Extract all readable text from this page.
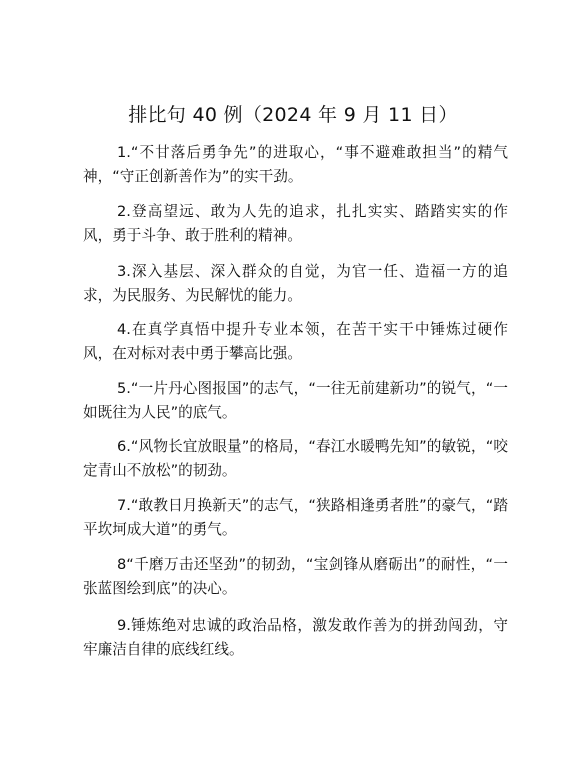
排比句 40 例（2024 年 9 月 11 日）
1.“不甘落后勇争先”的进取心，“事不避难敢担当”的精气神，“守正创新善作为”的实干劲。
2.登高望远、敢为人先的追求，扎扎实实、踏踏实实的作风，勇于斗争、敢于胜利的精神。
3.深入基层、深入群众的自觉，为官一任、造福一方的追求，为民服务、为民解忧的能力。
4.在真学真悟中提升专业本领，在苦干实干中锤炼过硬作风，在对标对表中勇于攀高比强。
5.“一片丹心图报国”的志气，“一往无前建新功”的锐气，“一如既往为人民”的底气。
6.“风物长宜放眼量”的格局，“春江水暖鸭先知”的敏锐，“咬定青山不放松”的韧劲。
7.“敢教日月换新天”的志气，“狭路相逢勇者胜”的豪气，“踏平坎坷成大道”的勇气。
8“千磨万击还坚劲”的韧劲，“宝剑锋从磨砺出”的耐性，“一张蓝图绘到底”的决心。
9.锤炼绝对忠诚的政治品格，激发敢作善为的拼劲闯劲，守牢廉洁自律的底线红线。
